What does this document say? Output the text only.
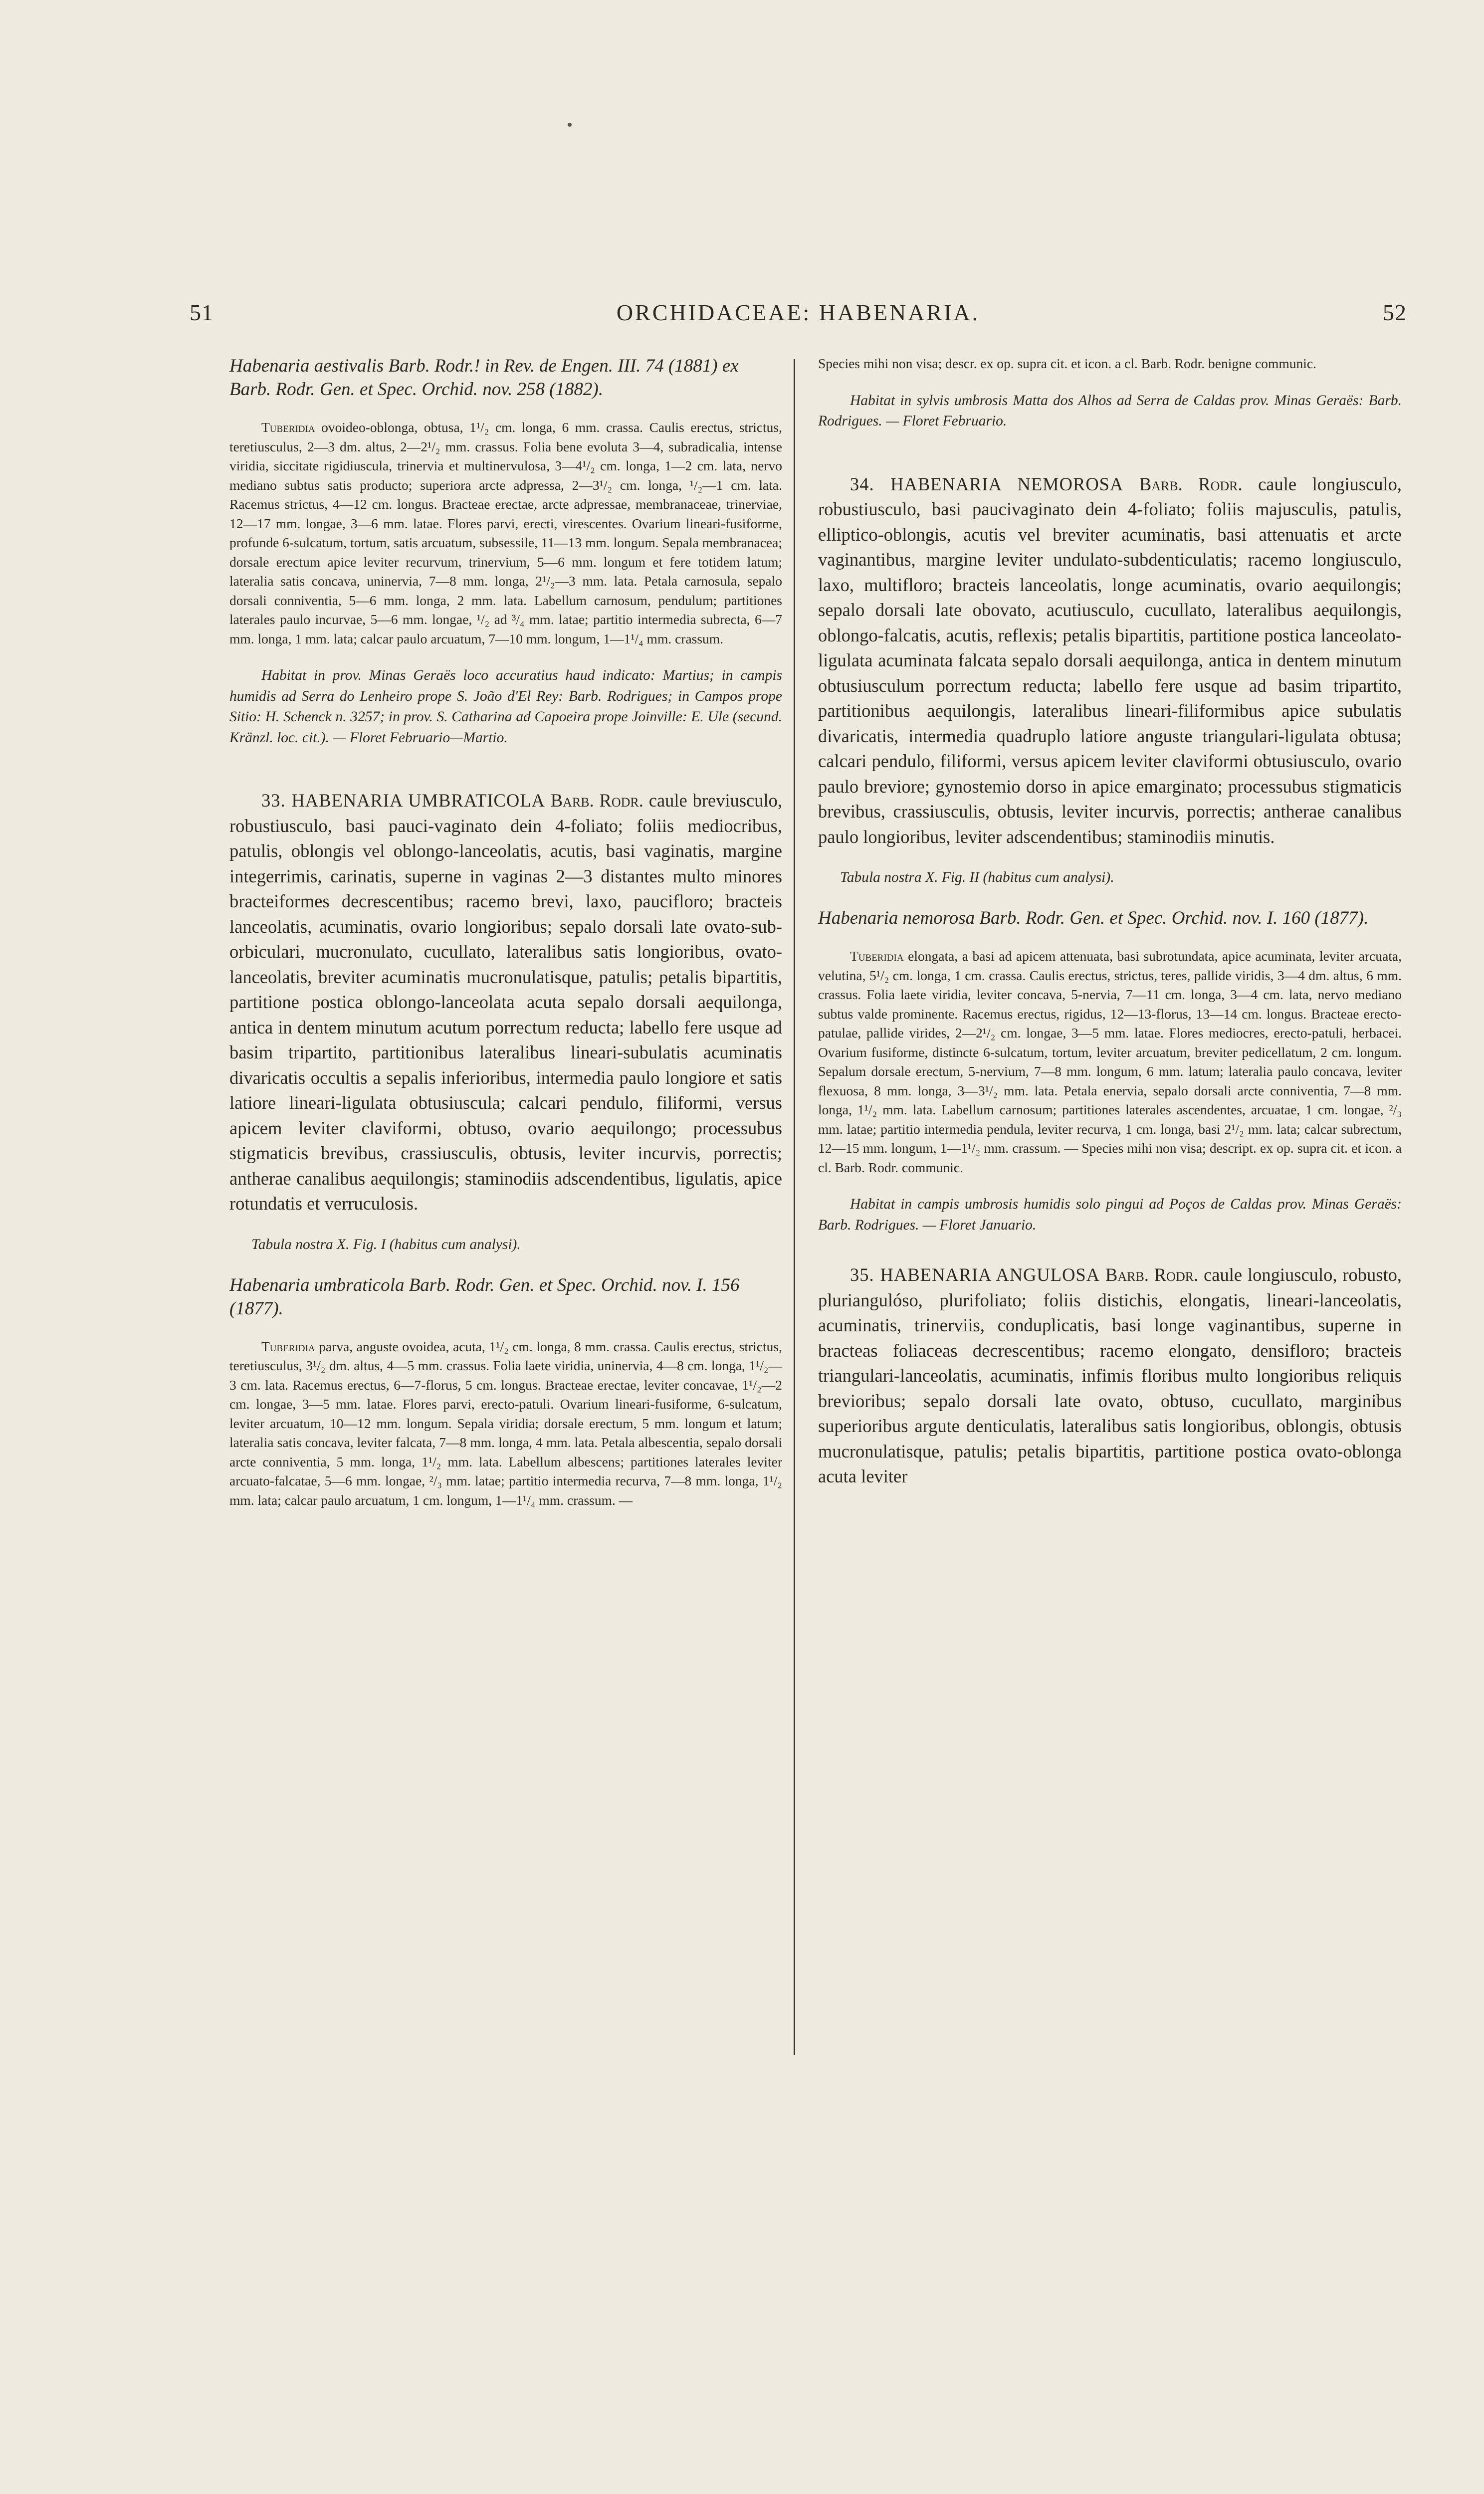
51	ORCHIDACEAE: HABENARIA.	52

Habenaria aestivalis Barb. Rodr.! in Rev. de Engen. III. 74 (1881) ex Barb. Rodr. Gen. et Spec. Orchid. nov. 258 (1882).

Tuberidia ovoideo-oblonga, obtusa, 1¹/₂ cm. longa, 6 mm. crassa. Caulis erectus, strictus, teretiusculus, 2—3 dm. altus, 2—2¹/₂ mm. crassus. Folia bene evoluta 3—4, subradicalia, intense viridia, siccitate rigidiuscula, trinervia et multinervulosa, 3—4¹/₂ cm. longa, 1—2 cm. lata, nervo mediano subtus satis producto; superiora arcte adpressa, 2—3¹/₂ cm. longa, ¹/₂—1 cm. lata. Racemus strictus, 4—12 cm. longus. Bracteae erectae, arcte adpressae, membranaceae, trinerviae, 12—17 mm. longae, 3—6 mm. latae. Flores parvi, erecti, virescentes. Ovarium lineari-fusiforme, profunde 6-sulcatum, tortum, satis arcuatum, subsessile, 11—13 mm. longum. Sepala membranacea; dorsale erectum apice leviter recurvum, trinervium, 5—6 mm. longum et fere totidem latum; lateralia satis concava, uninervia, 7—8 mm. longa, 2¹/₂—3 mm. lata. Petala carnosula, sepalo dorsali conniventia, 5—6 mm. longa, 2 mm. lata. Labellum carnosum, pendulum; partitiones laterales paulo incurvae, 5—6 mm. longae, ¹/₂ ad ³/₄ mm. latae; partitio intermedia subrecta, 6—7 mm. longa, 1 mm. lata; calcar paulo arcuatum, 7—10 mm. longum, 1—1¹/₄ mm. crassum.

Habitat in prov. Minas Geraës loco accuratius haud indicato: Martius; in campis humidis ad Serra do Lenheiro prope S. João d'El Rey: Barb. Rodrigues; in Campos prope Sitio: H. Schenck n. 3257; in prov. S. Catharina ad Capoeira prope Joinville: E. Ule (secund. Kränzl. loc. cit.). — Floret Februario—Martio.

33. HABENARIA UMBRATICOLA Barb. Rodr. caule breviusculo, robustiusculo, basi pauci-vaginato dein 4-foliato; foliis mediocribus, patulis, oblongis vel oblongo-lanceolatis, acutis, basi vaginatis, margine integerrimis, carinatis, superne in vaginas 2—3 distantes multo minores bracteiformes decrescentibus; racemo brevi, laxo, paucifloro; bracteis lanceolatis, acuminatis, ovario longioribus; sepalo dorsali late ovato-sub-orbiculari, mucronulato, cucullato, lateralibus satis longioribus, ovato-lanceolatis, breviter acuminatis mucronulatisque, patulis; petalis bipartitis, partitione postica oblongo-lanceolata acuta sepalo dorsali aequilonga, antica in dentem minutum acutum porrectum reducta; labello fere usque ad basim tripartito, partitionibus lateralibus lineari-subulatis acuminatis divaricatis occultis a sepalis inferioribus, intermedia paulo longiore et satis latiore lineari-ligulata obtusiuscula; calcari pendulo, filiformi, versus apicem leviter claviformi, obtuso, ovario aequilongo; processubus stigmaticis brevibus, crassiusculis, obtusis, leviter incurvis, porrectis; antherae canalibus aequilongis; staminodiis adscendentibus, ligulatis, apice rotundatis et verruculosis.

Tabula nostra X. Fig. I (habitus cum analysi).

Habenaria umbraticola Barb. Rodr. Gen. et Spec. Orchid. nov. I. 156 (1877).

Tuberidia parva, anguste ovoidea, acuta, 1¹/₂ cm. longa, 8 mm. crassa. Caulis erectus, strictus, teretiusculus, 3¹/₂ dm. altus, 4—5 mm. crassus. Folia laete viridia, uninervia, 4—8 cm. longa, 1¹/₂—3 cm. lata. Racemus erectus, 6—7-florus, 5 cm. longus. Bracteae erectae, leviter concavae, 1¹/₂—2 cm. longae, 3—5 mm. latae. Flores parvi, erecto-patuli. Ovarium lineari-fusiforme, 6-sulcatum, leviter arcuatum, 10—12 mm. longum. Sepala viridia; dorsale erectum, 5 mm. longum et latum; lateralia satis concava, leviter falcata, 7—8 mm. longa, 4 mm. lata. Petala albescentia, sepalo dorsali arcte conniventia, 5 mm. longa, 1¹/₂ mm. lata. Labellum albescens; partitiones laterales leviter arcuato-falcatae, 5—6 mm. longae, ²/₃ mm. latae; partitio intermedia recurva, 7—8 mm. longa, 1¹/₂ mm. lata; calcar paulo arcuatum, 1 cm. longum, 1—1¹/₄ mm. crassum. —

Species mihi non visa; descr. ex op. supra cit. et icon. a cl. Barb. Rodr. benigne communic.

Habitat in sylvis umbrosis Matta dos Alhos ad Serra de Caldas prov. Minas Geraës: Barb. Rodrigues. — Floret Februario.

34. HABENARIA NEMOROSA Barb. Rodr. caule longiusculo, robustiusculo, basi paucivaginato dein 4-foliato; foliis majusculis, patulis, elliptico-oblongis, acutis vel breviter acuminatis, basi attenuatis et arcte vaginantibus, margine leviter undulato-subdenticulatis; racemo longiusculo, laxo, multifloro; bracteis lanceolatis, longe acuminatis, ovario aequilongis; sepalo dorsali late obovato, acutiusculo, cucullato, lateralibus aequilongis, oblongo-falcatis, acutis, reflexis; petalis bipartitis, partitione postica lanceolato-ligulata acuminata falcata sepalo dorsali aequilonga, antica in dentem minutum obtusiusculum porrectum reducta; labello fere usque ad basim tripartito, partitionibus aequilongis, lateralibus lineari-filiformibus apice subulatis divaricatis, intermedia quadruplo latiore anguste triangulari-ligulata obtusa; calcari pendulo, filiformi, versus apicem leviter claviformi obtusiusculo, ovario paulo breviore; gynostemio dorso in apice emarginato; processubus stigmaticis brevibus, crassiusculis, obtusis, leviter incurvis, porrectis; antherae canalibus paulo longioribus, leviter adscendentibus; staminodiis minutis.

Tabula nostra X. Fig. II (habitus cum analysi).

Habenaria nemorosa Barb. Rodr. Gen. et Spec. Orchid. nov. I. 160 (1877).

Tuberidia elongata, a basi ad apicem attenuata, basi subrotundata, apice acuminata, leviter arcuata, velutina, 5¹/₂ cm. longa, 1 cm. crassa. Caulis erectus, strictus, teres, pallide viridis, 3—4 dm. altus, 6 mm. crassus. Folia laete viridia, leviter concava, 5-nervia, 7—11 cm. longa, 3—4 cm. lata, nervo mediano subtus valde prominente. Racemus erectus, rigidus, 12—13-florus, 13—14 cm. longus. Bracteae erecto-patulae, pallide virides, 2—2¹/₂ cm. longae, 3—5 mm. latae. Flores mediocres, erecto-patuli, herbacei. Ovarium fusiforme, distincte 6-sulcatum, tortum, leviter arcuatum, breviter pedicellatum, 2 cm. longum. Sepalum dorsale erectum, 5-nervium, 7—8 mm. longum, 6 mm. latum; lateralia paulo concava, leviter flexuosa, 8 mm. longa, 3—3¹/₂ mm. lata. Petala enervia, sepalo dorsali arcte conniventia, 7—8 mm. longa, 1¹/₂ mm. lata. Labellum carnosum; partitiones laterales ascendentes, arcuatae, 1 cm. longae, ²/₃ mm. latae; partitio intermedia pendula, leviter recurva, 1 cm. longa, basi 2¹/₂ mm. lata; calcar subrectum, 12—15 mm. longum, 1—1¹/₂ mm. crassum. — Species mihi non visa; descript. ex op. supra cit. et icon. a cl. Barb. Rodr. communic.

Habitat in campis umbrosis humidis solo pingui ad Poços de Caldas prov. Minas Geraës: Barb. Rodrigues. — Floret Januario.

35. HABENARIA ANGULOSA Barb. Rodr. caule longiusculo, robusto, pluriangulóso, plurifoliato; foliis distichis, elongatis, lineari-lanceolatis, acuminatis, trinerviis, conduplicatis, basi longe vaginantibus, superne in bracteas foliaceas decrescentibus; racemo elongato, densifloro; bracteis triangulari-lanceolatis, acuminatis, infimis floribus multo longioribus reliquis brevioribus; sepalo dorsali late ovato, obtuso, cucullato, marginibus superioribus argute denticulatis, lateralibus satis longioribus, oblongis, obtusis mucronulatisque, patulis; petalis bipartitis, partitione postica ovato-oblonga acuta leviter
